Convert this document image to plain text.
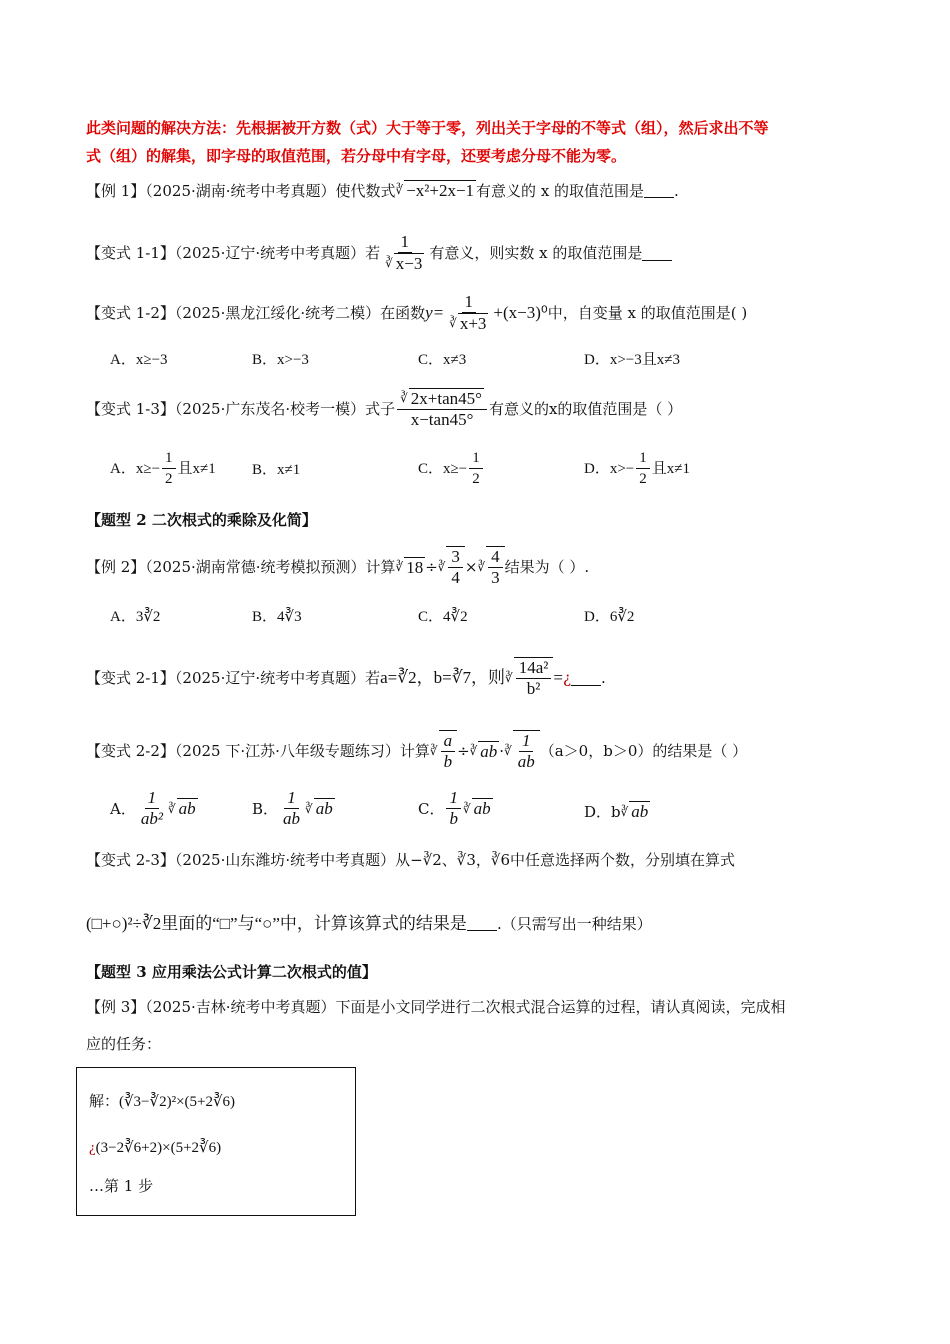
此类问题的解决方法：先根据被开方数（式）大于等于零，列出关于字母的不等式（组），然后求出不等
式（组）的解集，即字母的取值范围，若分母中有字母，还要考虑分母不能为零。
【例 1】（2025·湖南·统考中考真题）使代数式∛ −x²+2x−1 有意义的 x 的取值范围是 .
【变式 1-1】（2025·辽宁·统考中考真题）若 $\frac{1}{∛ x-3}$ 有意义，则实数 x 的取值范围是
【变式 1-2】（2025·黑龙江绥化·统考二模）在函数 $y= \frac{1}{∛ x+3} +(x-3)^0$ 中，自变量 x 的取值范围是( )
A．x≥−3	B．x>−3	C．x≠3	D．x>−3且x≠3
【变式 1-3】（2025·广东茂名·校考一模）式子 $\frac{∛ 2x+\tan 45^\circ}{x-\tan 45^\circ}$ 有意义的x的取值范围是（ ）
A．$x\ge- \frac{1}{2}$ 且x≠1 B．x≠1	C．$x\ge- \frac{1}{2}$	D．$x>- \frac{1}{2}$ 且x≠1
【题型 2 二次根式的乘除及化简】
【例 2】（2025·湖南常德·统考模拟预测）计算 ∛ 18 ÷ ∛ $\frac{3}{4}$ × ∛ $\frac{4}{3}$ 结果为（ ）.
A．3∛2	B．4∛3	C．4∛2	D．6∛2
【变式 2-1】（2025·辽宁·统考中考真题）若 a=∛2，b=∛7，则 ∛ $\frac{\text{14a²}}{\text{b²}}$ = ¿ .
【变式 2-2】（2025 下·江苏·八年级专题练习）计算 ∛ $\frac{a}{b}$ ÷ ∛ ab · ∛ $\frac{1}{ab} (a>0$，b＞0）的结果是（ ）
A． $\frac{1}{\text{ab²}}$ ∛ ab	B． $\frac{1}{ab}$ ∛ ab	C． $\frac{1}{b}$ ∛ ab	D．b ∛ ab
【变式 2-3】（2025·山东潍坊·统考中考真题）从−∛2、∛3，∛6中任意选择两个数，分别填在算式
(□+○)²÷∛2里面的“□”与“○”中，计算该算式的结果是 .（只需写出一种结果）
【题型 3 应用乘法公式计算二次根式的值】
【例 3】（2025·吉林·统考中考真题）下面是小文同学进行二次根式混合运算的过程，请认真阅读，完成相
应的任务：
解：(∛3−∛2)²×(5+2∛6)
¿(3−2∛6+2)×(5+2∛6)
…第 1 步
